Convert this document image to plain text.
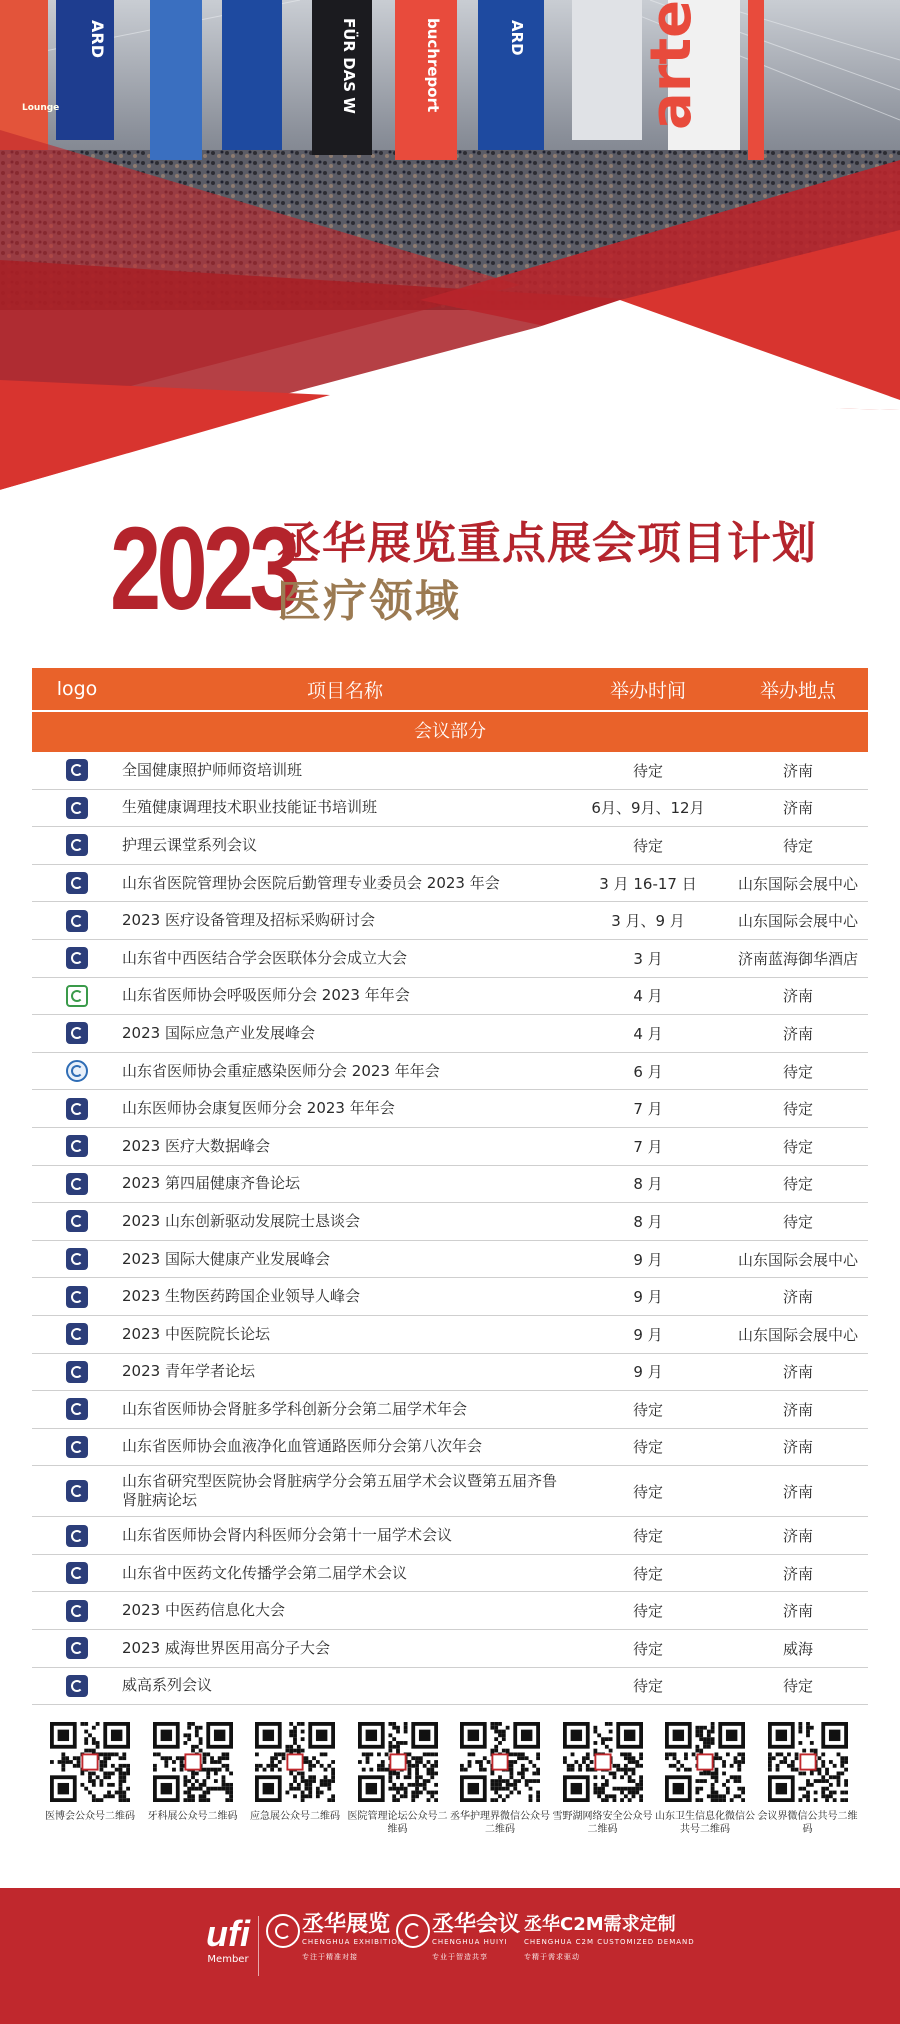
ARD	FÜR DAS W	buchreport	ARD
Lounge	arte
2023
丞华展览重点展会项目计划
医疗领域
logo	项目名称	举办时间	举办地点
会议部分
全国健康照护师师资培训班	待定	济南
生殖健康调理技术职业技能证书培训班	6月、9月、12月	济南
护理云课堂系列会议	待定	待定
山东省医院管理协会医院后勤管理专业委员会 2023 年会	3 月 16-17 日	山东国际会展中心
2023 医疗设备管理及招标采购研讨会	3 月、9 月	山东国际会展中心
山东省中西医结合学会医联体分会成立大会	3 月	济南蓝海御华酒店
山东省医师协会呼吸医师分会 2023 年年会	4 月	济南
2023 国际应急产业发展峰会	4 月	济南
山东省医师协会重症感染医师分会 2023 年年会	6 月	待定
山东医师协会康复医师分会 2023 年年会	7 月	待定
2023 医疗大数据峰会	7 月	待定
2023 第四届健康齐鲁论坛	8 月	待定
2023 山东创新驱动发展院士恳谈会	8 月	待定
2023 国际大健康产业发展峰会	9 月	山东国际会展中心
2023 生物医药跨国企业领导人峰会	9 月	济南
2023 中医院院长论坛	9 月	山东国际会展中心
2023 青年学者论坛	9 月	济南
山东省医师协会肾脏多学科创新分会第二届学术年会	待定	济南
山东省医师协会血液净化血管通路医师分会第八次年会	待定	济南
山东省研究型医院协会肾脏病学分会第五届学术会议暨第五届齐鲁肾脏病论坛	待定	济南
山东省医师协会肾内科医师分会第十一届学术会议	待定	济南
山东省中医药文化传播学会第二届学术会议	待定	济南
2023 中医药信息化大会	待定	济南
2023 威海世界医用高分子大会	待定	威海
威高系列会议	待定	待定
医博会公众号二维码	牙科展公众号二维码	应急展公众号二维码 医院管理论坛公众号二维码
丞华护理界微信公众号二维码
雪野湖网络安全公众号二维码
山东卫生信息化微信公共号二维码
会议界微信公共号二维码
ufi
Member
丞华展览
CHENGHUA EXHIBITION
专注于精准对接
丞华会议
CHENGHUA HUIYI
专业于智造共享
丞华C2M需求定制
CHENGHUA C2M CUSTOMIZED DEMAND
专精于需求驱动
